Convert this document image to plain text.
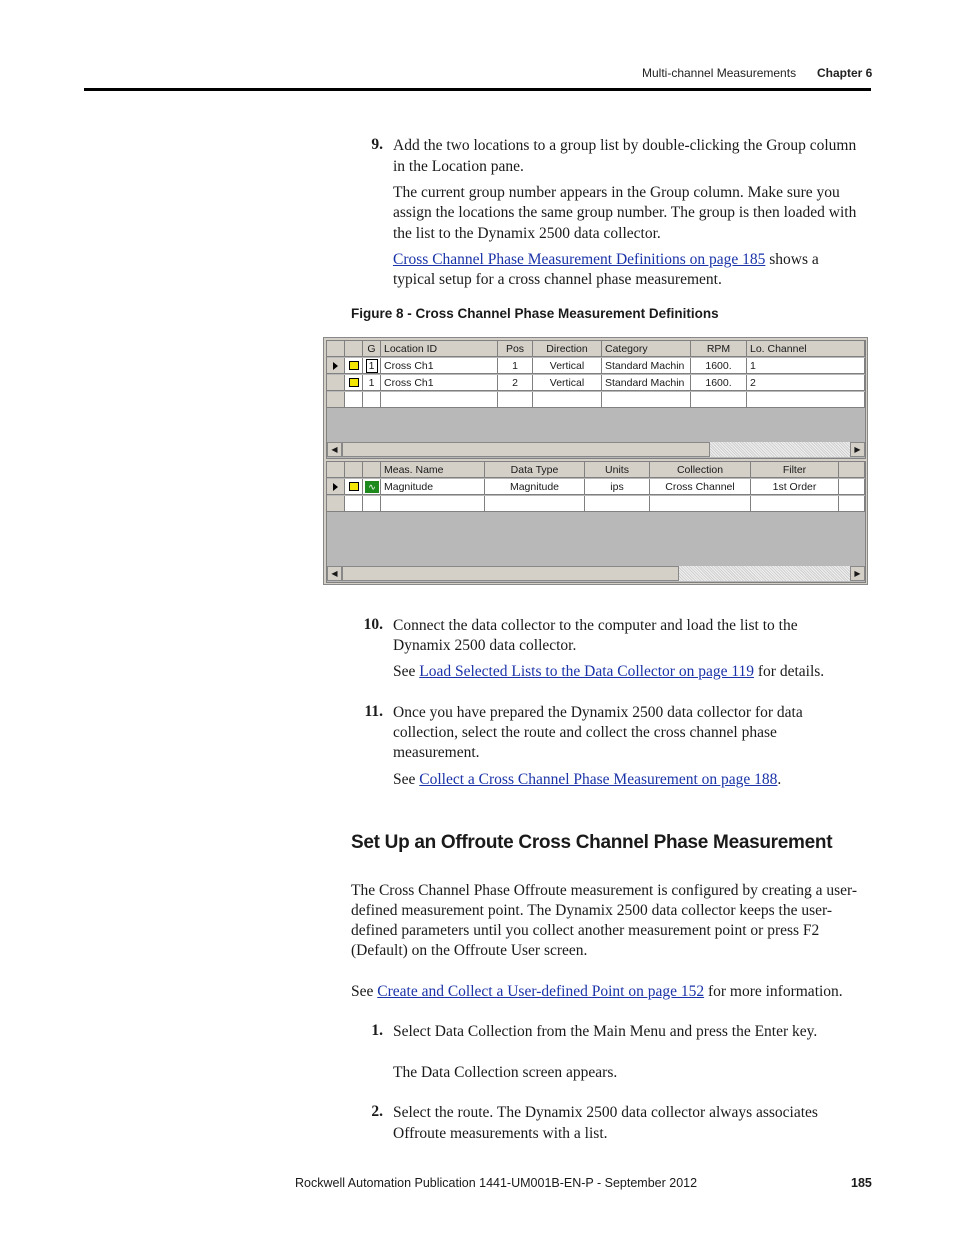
Multi-channel Measurements Chapter 6
9. Add the two locations to a group list by double-clicking the Group column
in the Location pane.
The current group number appears in the Group column. Make sure you
assign the locations the same group number. The group is then loaded with
the list to the Dynamix 2500 data collector.
Cross Channel Phase Measurement Definitions on page 185 shows a
typical setup for a cross channel phase measurement.
Figure 8 - Cross Channel Phase Measurement Definitions
G Location ID	Pos	Direction	Category	RPM	Lo. Channel
1 Cross Ch1	1	Vertical	Standard Machin	1600.	1
1 Cross Ch1	2	Vertical	Standard Machin	1600.	2
◀	▶
Meas. Name	Data Type	Units	Collection	Filter
∿ Magnitude	Magnitude	ips	Cross Channel	1st Order
◀	▶
10. Connect the data collector to the computer and load the list to the
Dynamix 2500 data collector.
See Load Selected Lists to the Data Collector on page 119 for details.
11. Once you have prepared the Dynamix 2500 data collector for data
collection, select the route and collect the cross channel phase
measurement.
See Collect a Cross Channel Phase Measurement on page 188.
Set Up an Offroute Cross Channel Phase Measurement
The Cross Channel Phase Offroute measurement is configured by creating a user-
defined measurement point. The Dynamix 2500 data collector keeps the user-
defined parameters until you collect another measurement point or press F2
(Default) on the Offroute User screen.
See Create and Collect a User-defined Point on page 152 for more information.
1. Select Data Collection from the Main Menu and press the Enter key.
The Data Collection screen appears.
2. Select the route. The Dynamix 2500 data collector always associates
Offroute measurements with a list.
Rockwell Automation Publication 1441-UM001B-EN-P - September 2012	185
